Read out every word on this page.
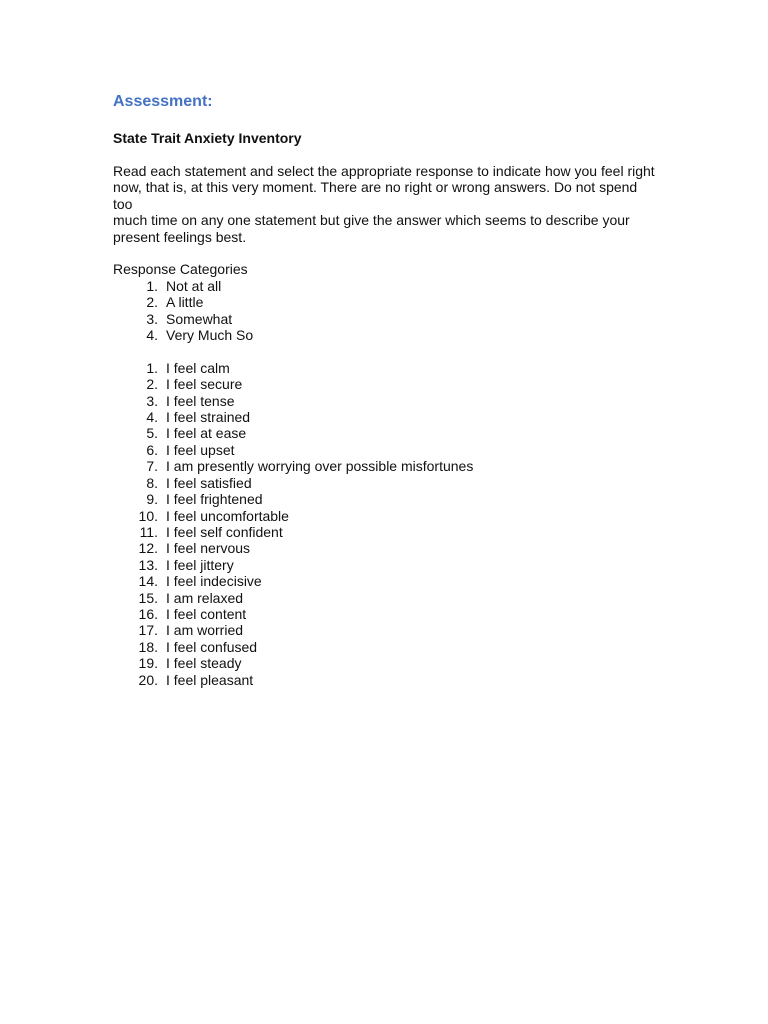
Assessment:
State Trait Anxiety Inventory
Read each statement and select the appropriate response to indicate how you feel right
now, that is, at this very moment. There are no right or wrong answers. Do not spend too
much time on any one statement but give the answer which seems to describe your
present feelings best.
Response Categories
1. Not at all
2. A little
3. Somewhat
4. Very Much So
1. I feel calm
2. I feel secure
3. I feel tense
4. I feel strained
5. I feel at ease
6. I feel upset
7. I am presently worrying over possible misfortunes
8. I feel satisfied
9. I feel frightened
10. I feel uncomfortable
11. I feel self confident
12. I feel nervous
13. I feel jittery
14. I feel indecisive
15. I am relaxed
16. I feel content
17. I am worried
18. I feel confused
19. I feel steady
20. I feel pleasant
